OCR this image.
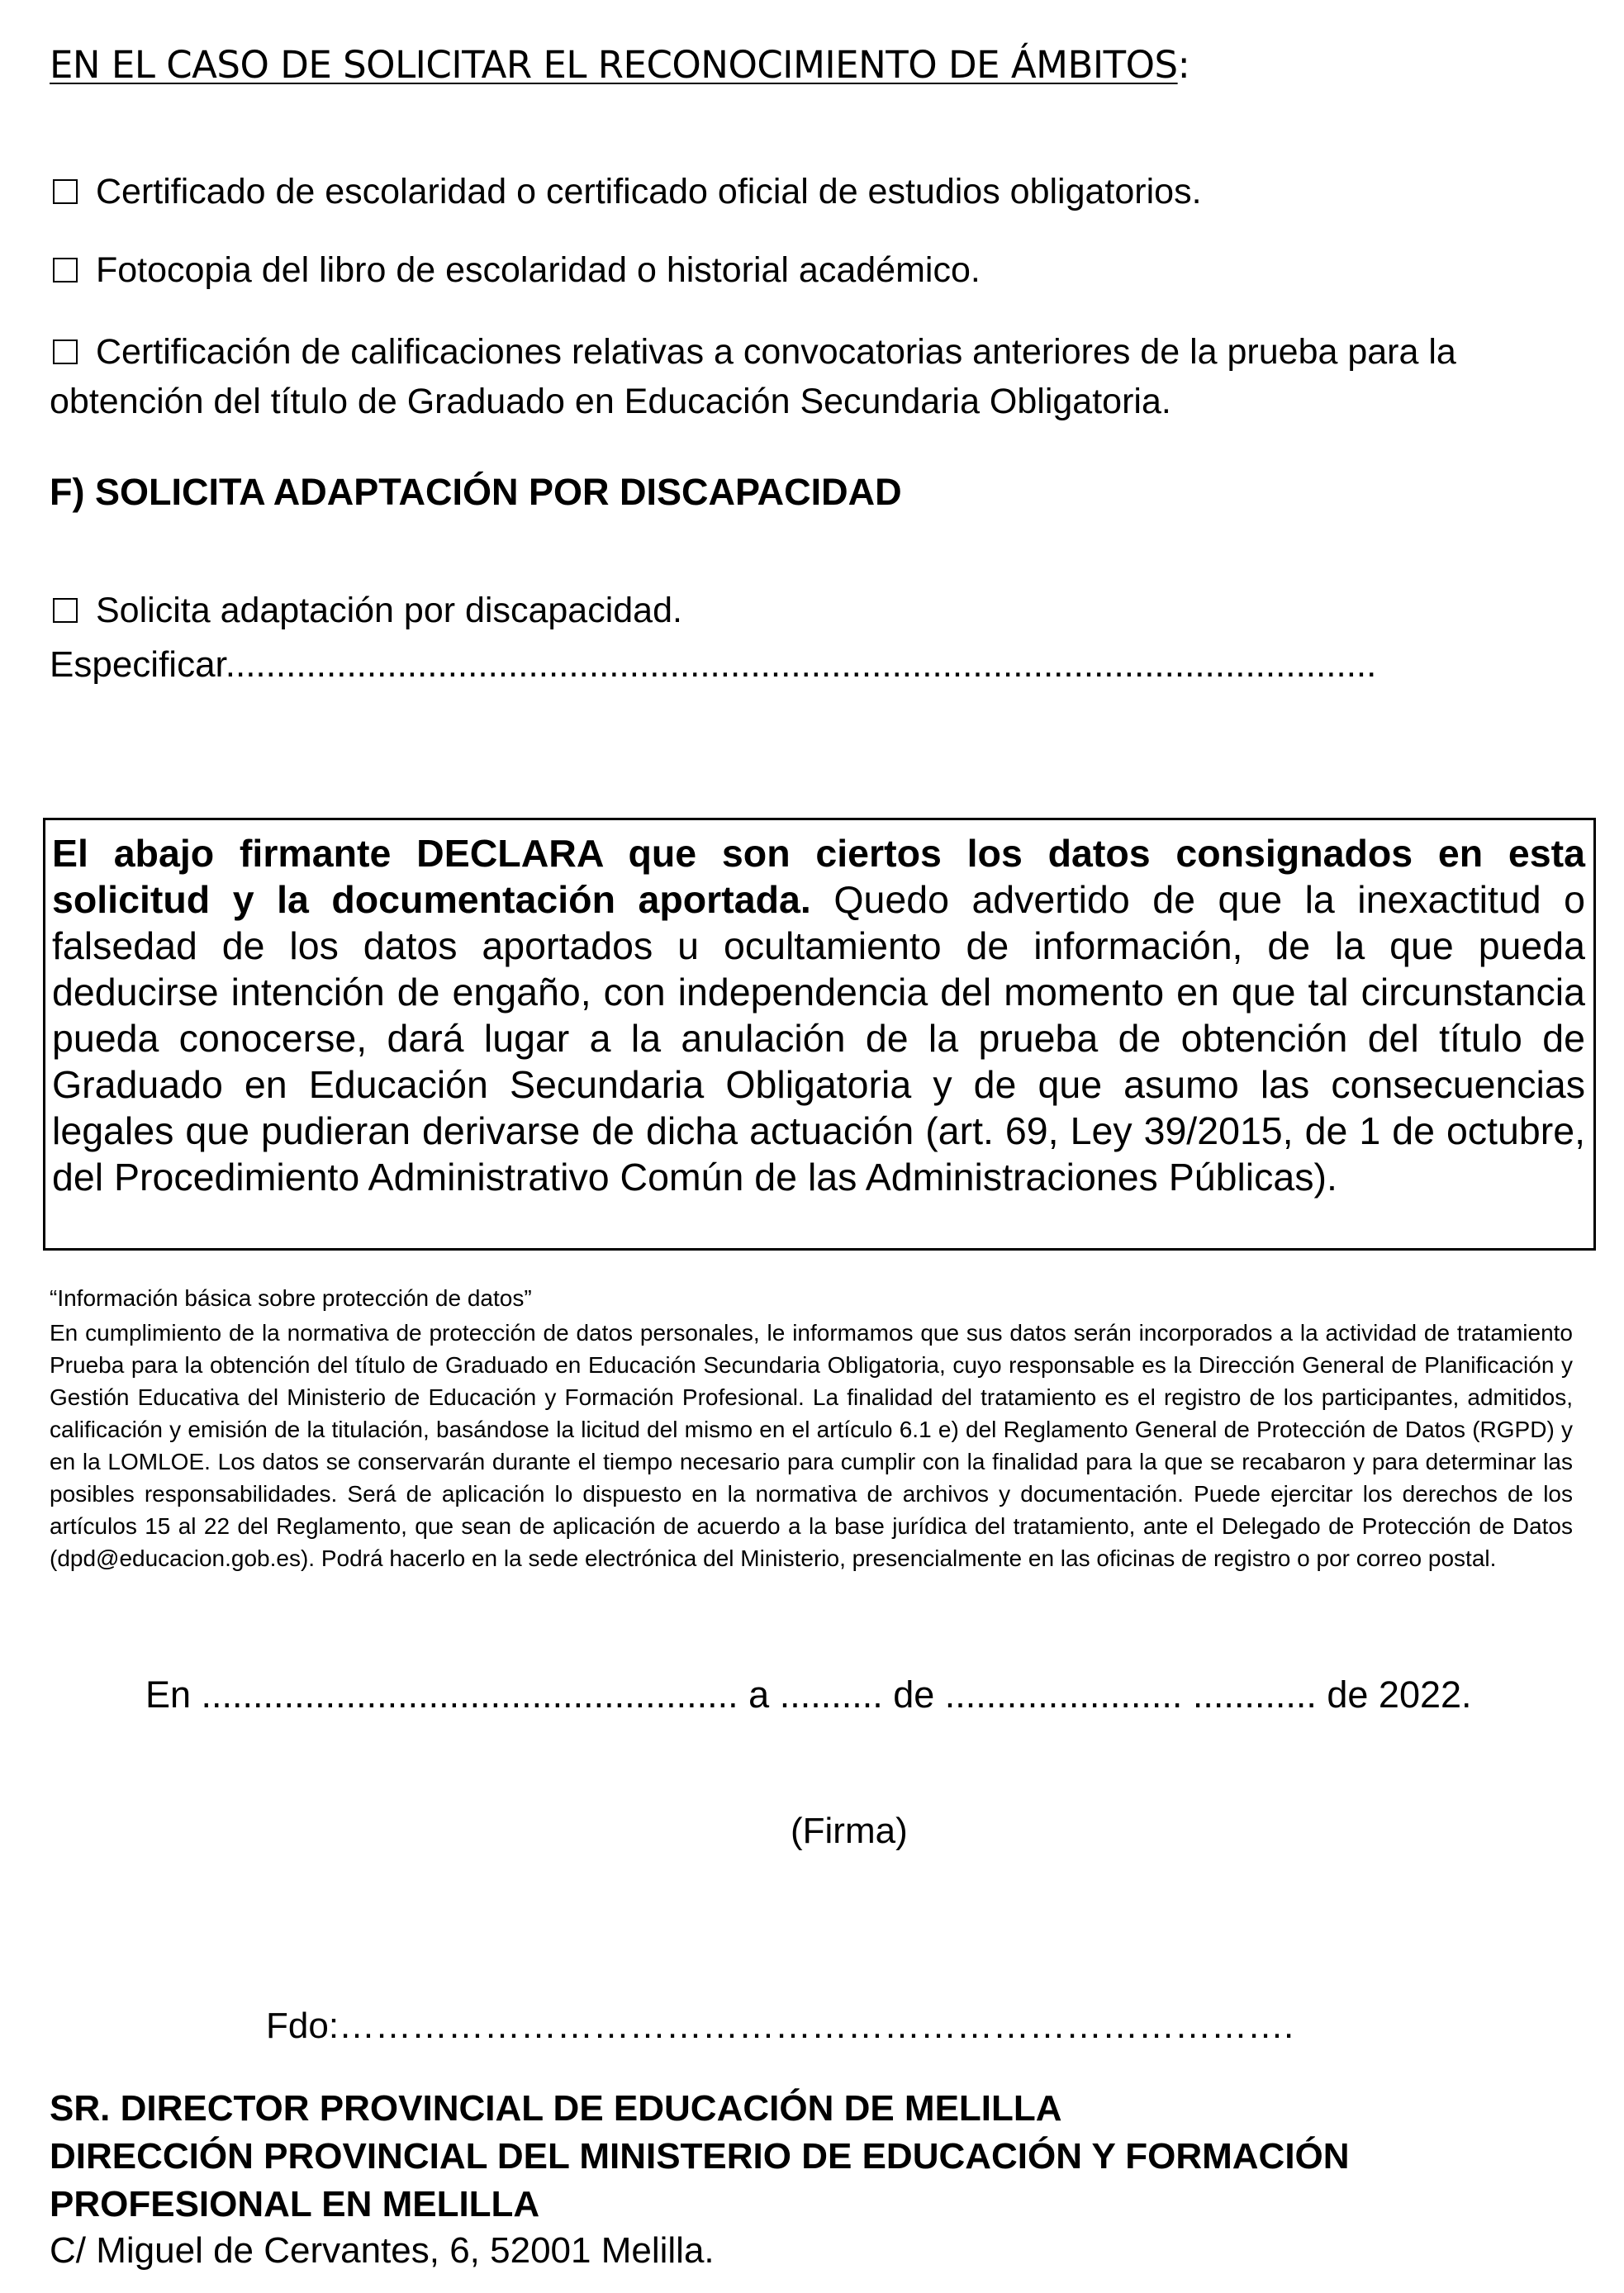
EN EL CASO DE SOLICITAR EL RECONOCIMIENTO DE ÁMBITOS:
Certificado de escolaridad o certificado oficial de estudios obligatorios.
Fotocopia del libro de escolaridad o historial académico.
Certificación de calificaciones relativas a convocatorias anteriores de la prueba para la obtención del título de Graduado en Educación Secundaria Obligatoria.
F) SOLICITA ADAPTACIÓN POR DISCAPACIDAD
Solicita adaptación por discapacidad.
Especificar..................................................................................................................

El abajo firmante DECLARA que son ciertos los datos consignados en esta solicitud y la documentación aportada. Quedo advertido de que la inexactitud o falsedad de los datos aportados u ocultamiento de información, de la que pueda deducirse intención de engaño, con independencia del momento en que tal circunstancia pueda conocerse, dará lugar a la anulación de la prueba de obtención del título de Graduado en Educación Secundaria Obligatoria y de que asumo las consecuencias legales que pudieran derivarse de dicha actuación (art. 69, Ley 39/2015, de 1 de octubre, del Procedimiento Administrativo Común de las Administraciones Públicas).

“Información básica sobre protección de datos”

En cumplimiento de la normativa de protección de datos personales, le informamos que sus datos serán incorporados a la actividad de tratamiento Prueba para la obtención del título de Graduado en Educación Secundaria Obligatoria, cuyo responsable es la Dirección General de Planificación y Gestión Educativa del Ministerio de Educación y Formación Profesional. La finalidad del tratamiento es el registro de los participantes, admitidos, calificación y emisión de la titulación, basándose la licitud del mismo en el artículo 6.1 e) del Reglamento General de Protección de Datos (RGPD) y en la LOMLOE. Los datos se conservarán durante el tiempo necesario para cumplir con la finalidad para la que se recabaron y para determinar las posibles responsabilidades. Será de aplicación lo dispuesto en la normativa de archivos y documentación. Puede ejercitar los derechos de los artículos 15 al 22 del Reglamento, que sean de aplicación de acuerdo a la base jurídica del tratamiento, ante el Delegado de Protección de Datos (dpd@educacion.gob.es). Podrá hacerlo en la sede electrónica del Ministerio, presencialmente en las oficinas de registro o por correo postal.

En .................................................... a .......... de ....................... ............ de 2022.
(Firma)
Fdo:…………………………………………………………………….
SR. DIRECTOR PROVINCIAL DE EDUCACIÓN DE MELILLA
DIRECCIÓN PROVINCIAL DEL MINISTERIO DE EDUCACIÓN Y FORMACIÓN
PROFESIONAL EN MELILLA
C/ Miguel de Cervantes, 6, 52001 Melilla.
